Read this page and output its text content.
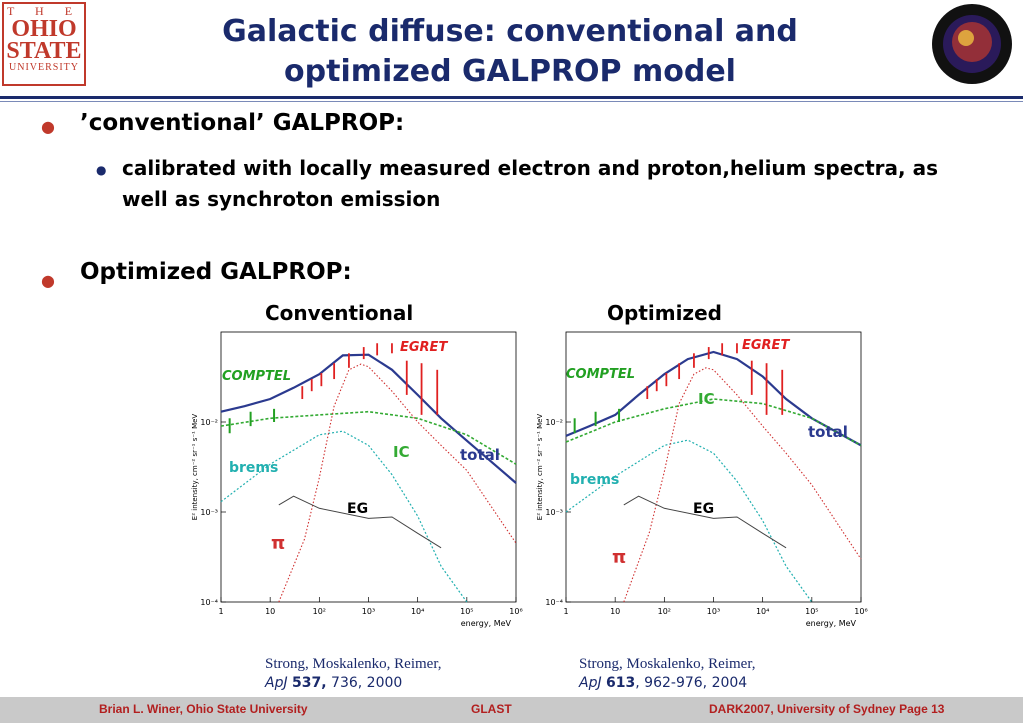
T H E
OHIO
STATE
UNIVERSITY
Galactic diffuse: conventional and
optimized GALPROP model
● ’conventional’ GALPROP:
● calibrated with locally measured electron and proton,helium spectra, as well as synchroton emission
● Optimized GALPROP:
Conventional	Optimized
1	10	10²	10³	10⁴	10⁵	10⁶
10⁻⁴
10⁻³
10⁻²
energy, MeV
E² intensity, cm⁻² sr⁻¹ s⁻¹ MeV
COMPTEL
EGRET
brems
IC	total
EG
π
1	10	10²	10³	10⁴	10⁵	10⁶
10⁻⁴
10⁻³
10⁻²
energy, MeV
E² intensity, cm⁻² sr⁻¹ s⁻¹ MeV
COMPTEL
EGRET
brems
IC
total
EG
π
Strong, Moskalenko, Reimer,
ApJ 537, 736, 2000
Strong, Moskalenko, Reimer,
ApJ 613, 962-976, 2004
Brian L. Winer, Ohio State University	GLAST	DARK2007, University of Sydney Page 13
